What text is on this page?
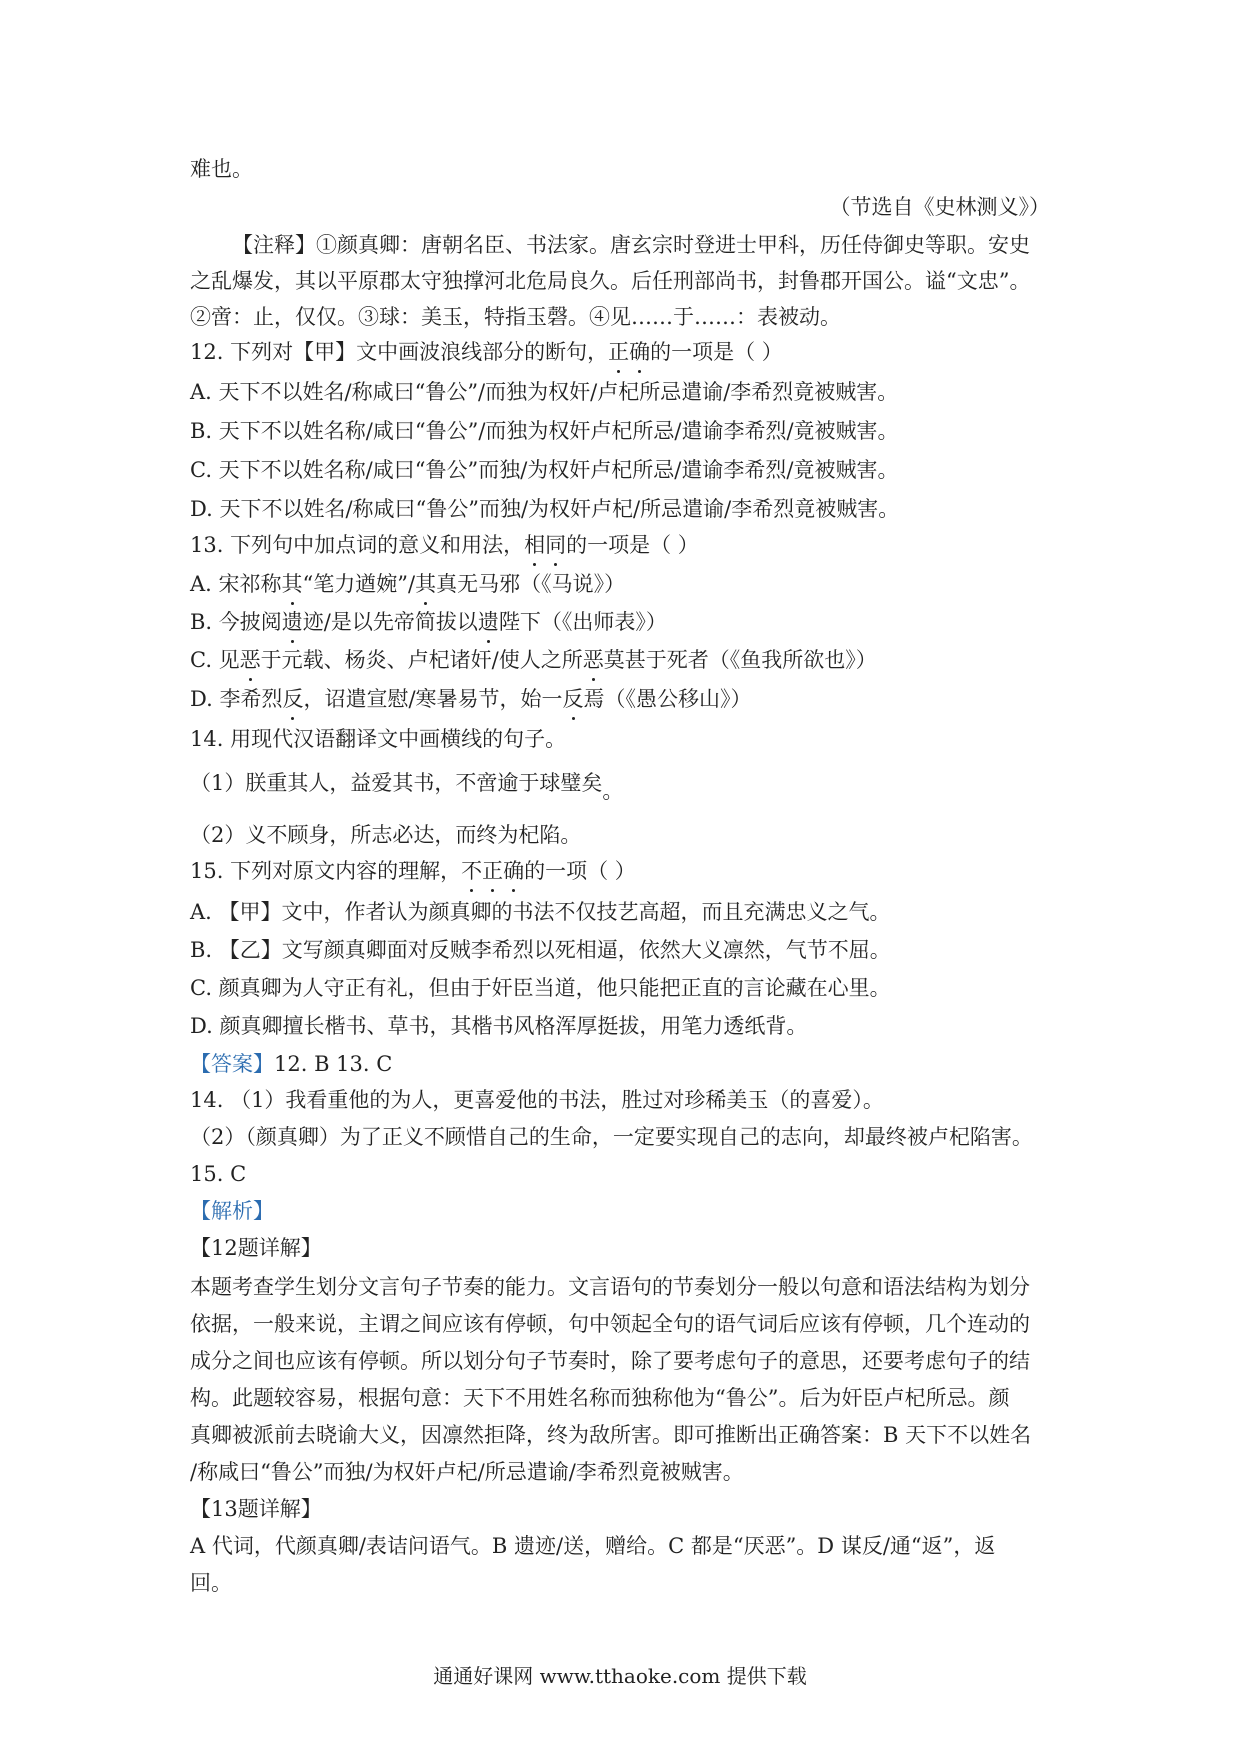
难也。
（节选自《史林测义》）
【注释】①颜真卿：唐朝名臣、书法家。唐玄宗时登进士甲科，历任侍御史等职。安史
之乱爆发，其以平原郡太守独撑河北危局良久。后任刑部尚书，封鲁郡开国公。谥“文忠”。
②啻：止，仅仅。③球：美玉，特指玉磬。④见……于……：表被动。
12. 下列对【甲】文中画波浪线部分的断句，正确的一项是（ ）
A. 天下不以姓名/称咸曰“鲁公”/而独为权奸/卢杞所忌遣谕/李希烈竟被贼害。
B. 天下不以姓名称/咸曰“鲁公”/而独为权奸卢杞所忌/遣谕李希烈/竟被贼害。
C. 天下不以姓名称/咸曰“鲁公”而独/为权奸卢杞所忌/遣谕李希烈/竟被贼害。
D. 天下不以姓名/称咸曰“鲁公”而独/为权奸卢杞/所忌遣谕/李希烈竟被贼害。
13. 下列句中加点词的意义和用法，相同的一项是（ ）
A. 宋祁称其“笔力遒婉”/其真无马邪（《马说》）
B. 今披阅遗迹/是以先帝简拔以遗陛下（《出师表》）
C. 见恶于元载、杨炎、卢杞诸奸/使人之所恶莫甚于死者（《鱼我所欲也》）
D. 李希烈反，诏遣宣慰/寒暑易节，始一反焉（《愚公移山》）
14. 用现代汉语翻译文中画横线的句子。
（1）朕重其人，益爱其书，不啻逾于球璧矣。
（2）义不顾身，所志必达，而终为杞陷。
15. 下列对原文内容的理解，不正确的一项（ ）
A. 【甲】文中，作者认为颜真卿的书法不仅技艺高超，而且充满忠义之气。
B. 【乙】文写颜真卿面对反贼李希烈以死相逼，依然大义凛然，气节不屈。
C. 颜真卿为人守正有礼，但由于奸臣当道，他只能把正直的言论藏在心里。
D. 颜真卿擅长楷书、草书，其楷书风格浑厚挺拔，用笔力透纸背。
【答案】12. B 13. C
14. （1）我看重他的为人，更喜爱他的书法，胜过对珍稀美玉（的喜爱）。
（2）（颜真卿）为了正义不顾惜自己的生命，一定要实现自己的志向，却最终被卢杞陷害。
15. C
【解析】
【12题详解】
本题考查学生划分文言句子节奏的能力。文言语句的节奏划分一般以句意和语法结构为划分
依据，一般来说，主谓之间应该有停顿，句中领起全句的语气词后应该有停顿，几个连动的
成分之间也应该有停顿。所以划分句子节奏时，除了要考虑句子的意思，还要考虑句子的结
构。此题较容易，根据句意：天下不用姓名称而独称他为“鲁公”。后为奸臣卢杞所忌。颜
真卿被派前去晓谕大义，因凛然拒降，终为敌所害。即可推断出正确答案：B 天下不以姓名
/称咸曰“鲁公”而独/为权奸卢杞/所忌遣谕/李希烈竟被贼害。
【13题详解】
A 代词，代颜真卿/表诘问语气。B 遗迹/送，赠给。C 都是“厌恶”。D 谋反/通“返”，返
回。
通通好课网 www.tthaoke.com 提供下载
